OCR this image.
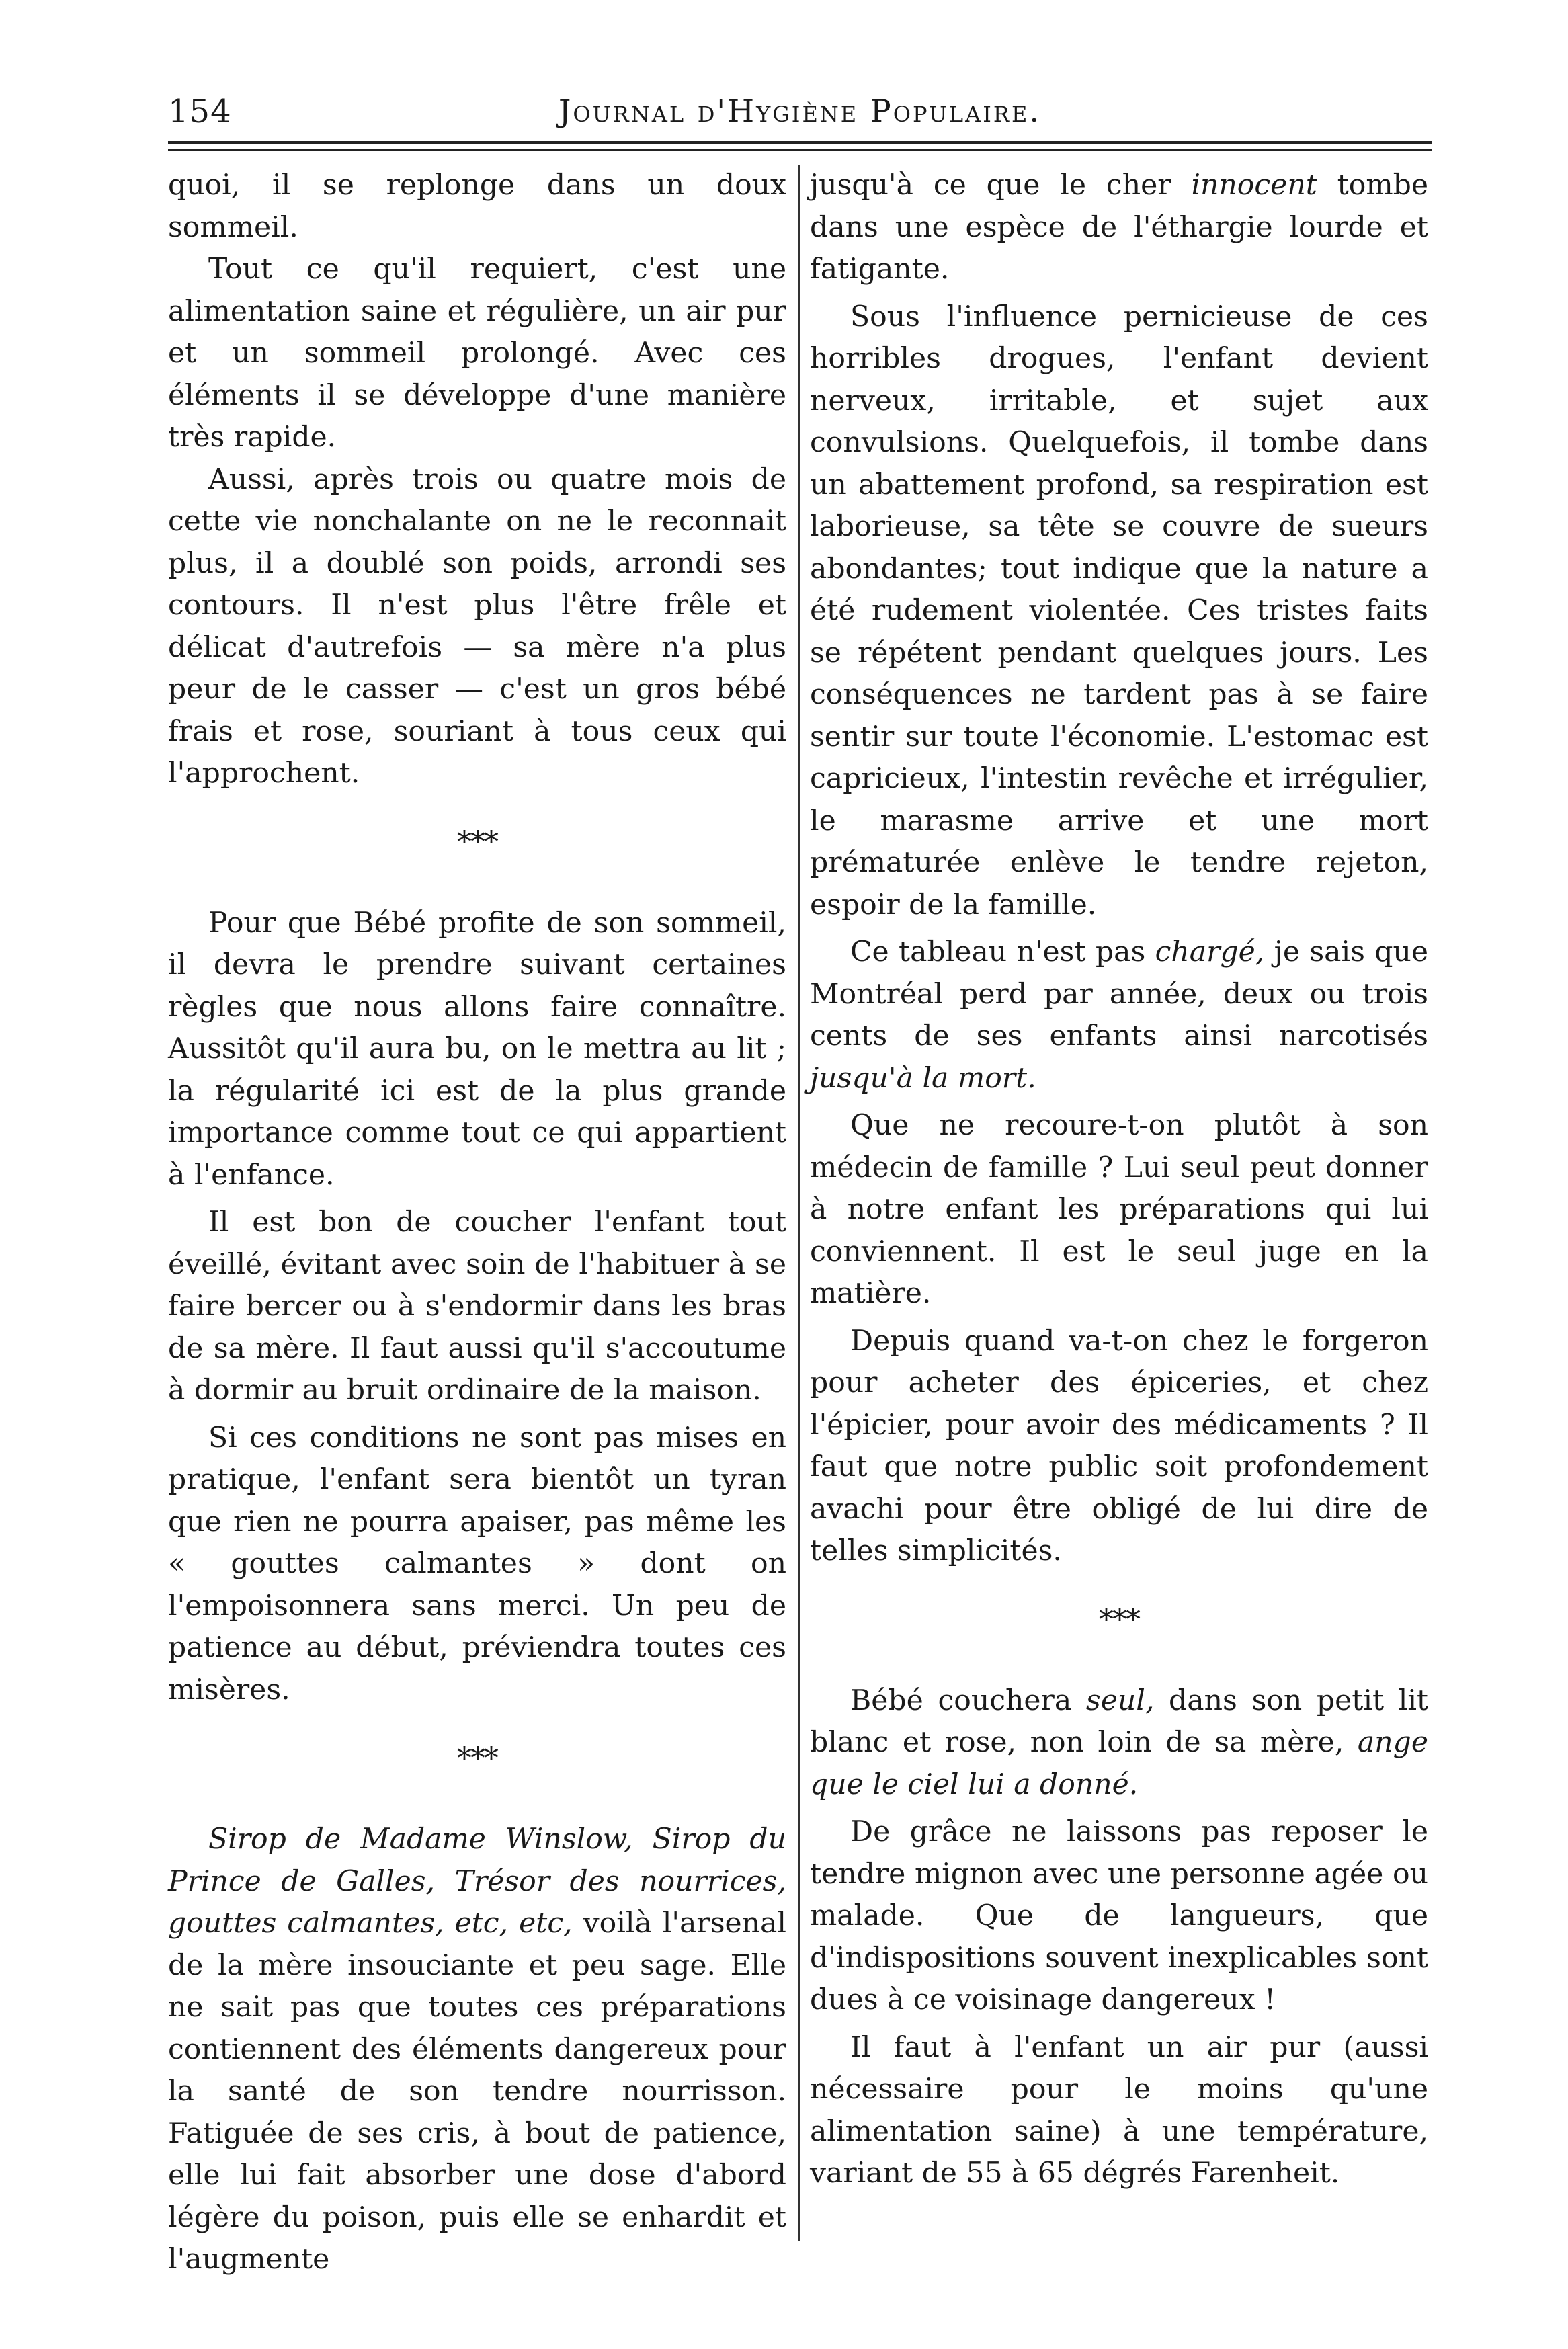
154	Journal d'Hygiène Populaire.

quoi, il se replonge dans un doux sommeil.

Tout ce qu'il requiert, c'est une alimentation saine et régulière, un air pur et un sommeil prolongé. Avec ces éléments il se développe d'une manière très rapide.

Aussi, après trois ou quatre mois de cette vie nonchalante on ne le reconnait plus, il a doublé son poids, arrondi ses contours. Il n'est plus l'être frêle et délicat d'autrefois — sa mère n'a plus peur de le casser — c'est un gros bébé frais et rose, souriant à tous ceux qui l'approchent.

***

Pour que Bébé profite de son sommeil, il devra le prendre suivant certaines règles que nous allons faire connaître. Aussitôt qu'il aura bu, on le mettra au lit ; la régularité ici est de la plus grande importance comme tout ce qui appartient à l'enfance.

Il est bon de coucher l'enfant tout éveillé, évitant avec soin de l'habituer à se faire bercer ou à s'endormir dans les bras de sa mère. Il faut aussi qu'il s'accoutume à dormir au bruit ordinaire de la maison.

Si ces conditions ne sont pas mises en pratique, l'enfant sera bientôt un tyran que rien ne pourra apaiser, pas même les « gouttes calmantes » dont on l'empoisonnera sans merci. Un peu de patience au début, préviendra toutes ces misères.

***

Sirop de Madame Winslow, Sirop du Prince de Galles, Trésor des nourrices, gouttes calmantes, etc, etc, voilà l'arsenal de la mère insouciante et peu sage. Elle ne sait pas que toutes ces préparations contiennent des éléments dangereux pour la santé de son tendre nourrisson. Fatiguée de ses cris, à bout de patience, elle lui fait absorber une dose d'abord légère du poison, puis elle se enhardit et l'augmente

jusqu'à ce que le cher innocent tombe dans une espèce de l'éthargie lourde et fatigante.

Sous l'influence pernicieuse de ces horribles drogues, l'enfant devient nerveux, irritable, et sujet aux convulsions. Quelquefois, il tombe dans un abattement profond, sa respiration est laborieuse, sa tête se couvre de sueurs abondantes; tout indique que la nature a été rudement violentée. Ces tristes faits se répétent pendant quelques jours. Les conséquences ne tardent pas à se faire sentir sur toute l'économie. L'estomac est capricieux, l'intestin revêche et irrégulier, le marasme arrive et une mort prématurée enlève le tendre rejeton, espoir de la famille.

Ce tableau n'est pas chargé, je sais que Montréal perd par année, deux ou trois cents de ses enfants ainsi narcotisés jusqu'à la mort.

Que ne recoure-t-on plutôt à son médecin de famille ? Lui seul peut donner à notre enfant les préparations qui lui conviennent. Il est le seul juge en la matière.

Depuis quand va-t-on chez le forgeron pour acheter des épiceries, et chez l'épicier, pour avoir des médicaments ? Il faut que notre public soit profondement avachi pour être obligé de lui dire de telles simplicités.

***

Bébé couchera seul, dans son petit lit blanc et rose, non loin de sa mère, ange que le ciel lui a donné.

De grâce ne laissons pas reposer le tendre mignon avec une personne agée ou malade. Que de langueurs, que d'indispositions souvent inexplicables sont dues à ce voisinage dangereux !

Il faut à l'enfant un air pur (aussi nécessaire pour le moins qu'une alimentation saine) à une température, variant de 55 à 65 dégrés Farenheit.
